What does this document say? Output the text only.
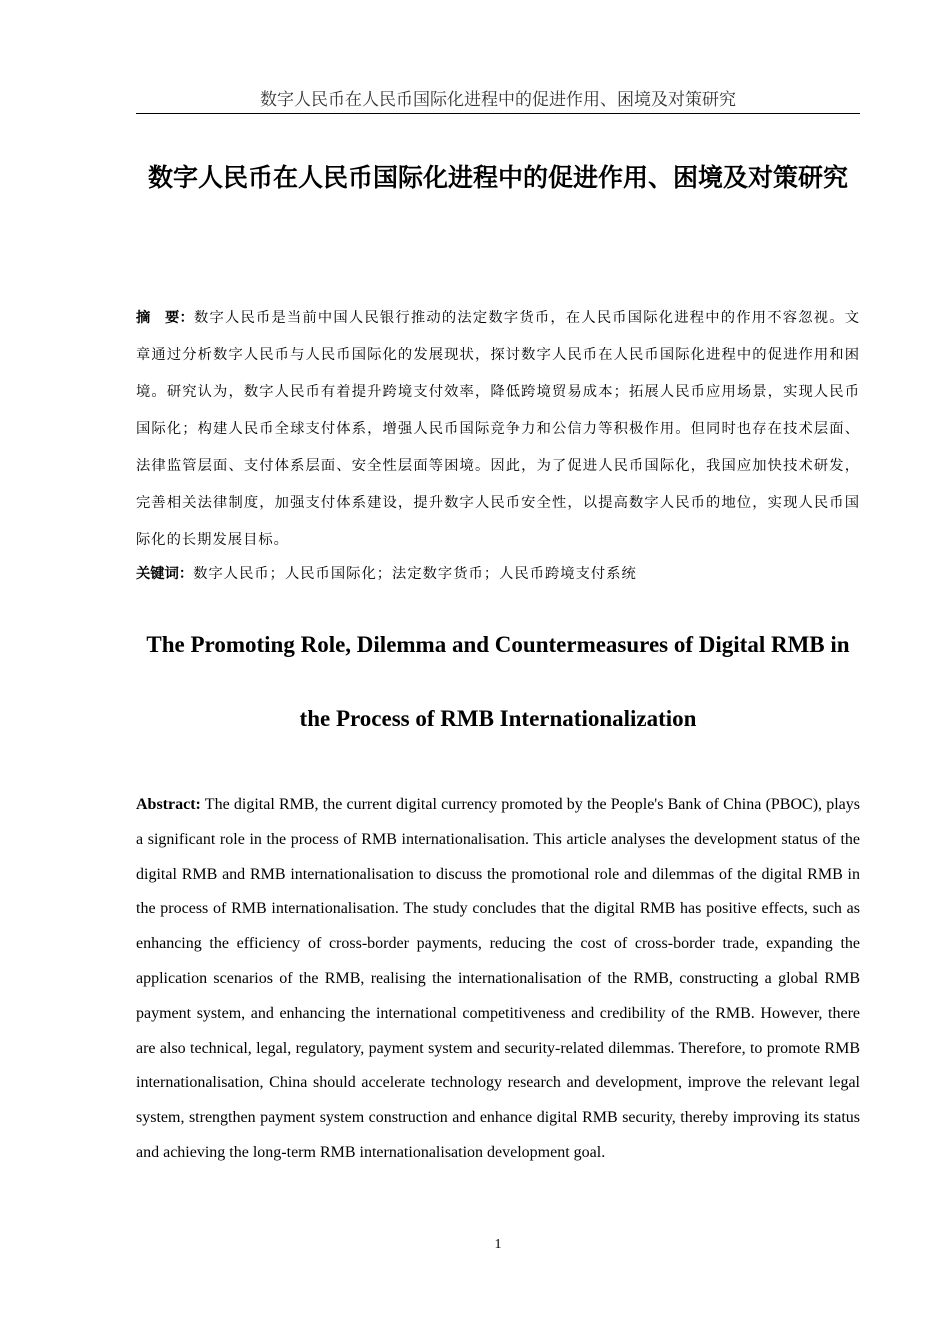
数字人民币在人民币国际化进程中的促进作用、困境及对策研究
数字人民币在人民币国际化进程中的促进作用、困境及对策研究

摘　要：数字人民币是当前中国人民银行推动的法定数字货币，在人民币国际化进程中的作用不容忽视。文章通过分析数字人民币与人民币国际化的发展现状，探讨数字人民币在人民币国际化进程中的促进作用和困境。研究认为，数字人民币有着提升跨境支付效率，降低跨境贸易成本；拓展人民币应用场景，实现人民币国际化；构建人民币全球支付体系，增强人民币国际竞争力和公信力等积极作用。但同时也存在技术层面、法律监管层面、支付体系层面、安全性层面等困境。因此，为了促进人民币国际化，我国应加快技术研发，完善相关法律制度，加强支付体系建设，提升数字人民币安全性，以提高数字人民币的地位，实现人民币国际化的长期发展目标。

关键词：数字人民币；人民币国际化；法定数字货币；人民币跨境支付系统

The Promoting Role, Dilemma and Countermeasures of Digital RMB in the Process of RMB Internationalization

Abstract: The digital RMB, the current digital currency promoted by the People's Bank of China (PBOC), plays a significant role in the process of RMB internationalisation. This article analyses the development status of the digital RMB and RMB internationalisation to discuss the promotional role and dilemmas of the digital RMB in the process of RMB internationalisation. The study concludes that the digital RMB has positive effects, such as enhancing the efficiency of cross-border payments, reducing the cost of cross-border trade, expanding the application scenarios of the RMB, realising the internationalisation of the RMB, constructing a global RMB payment system, and enhancing the international competitiveness and credibility of the RMB. However, there are also technical, legal, regulatory, payment system and security-related dilemmas. Therefore, to promote RMB internationalisation, China should accelerate technology research and development, improve the relevant legal system, strengthen payment system construction and enhance digital RMB security, thereby improving its status and achieving the long-term RMB internationalisation development goal.

1
